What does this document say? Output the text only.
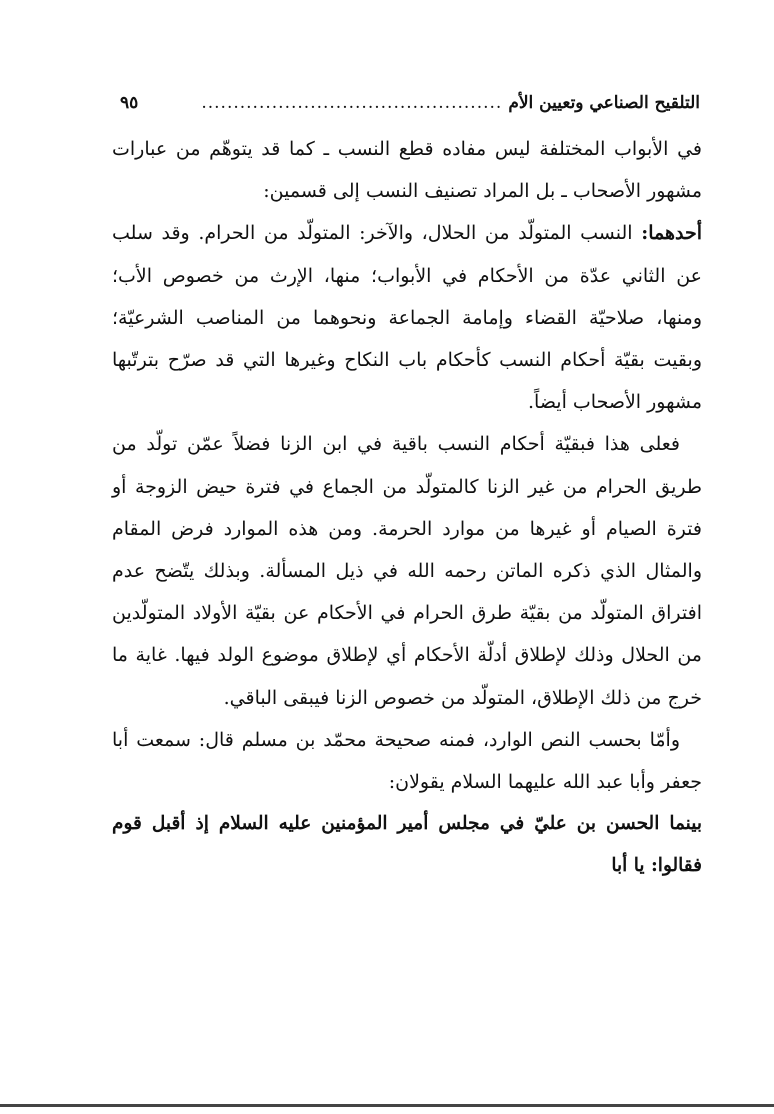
التلقيح الصناعي وتعيين الأم
...............................................
٩٥

في الأبواب المختلفة ليس مفاده قطع النسب ـ كما قد يتوهّم من عبارات مشهور الأصحاب ـ بل المراد تصنيف النسب إلى قسمين:

أحدهما: النسب المتولّد من الحلال، والآخر: المتولّد من الحرام. وقد سلب عن الثاني عدّة من الأحكام في الأبواب؛ منها، الإرث من خصوص الأب؛ ومنها، صلاحيّة القضاء وإمامة الجماعة ونحوهما من المناصب الشرعيّة؛ وبقيت بقيّة أحكام النسب كأحكام باب النكاح وغيرها التي قد صرّح بترتّبها مشهور الأصحاب أيضاً.

فعلى هذا فبقيّة أحكام النسب باقية في ابن الزنا فضلاً عمّن تولّد من طريق الحرام من غير الزنا كالمتولّد من الجماع في فترة حيض الزوجة أو فترة الصيام أو غيرها من موارد الحرمة. ومن هذه الموارد فرض المقام والمثال الذي ذكره الماتن رحمه الله في ذيل المسألة. وبذلك يتّضح عدم افتراق المتولّد من بقيّة طرق الحرام في الأحكام عن بقيّة الأولاد المتولّدين من الحلال وذلك لإطلاق أدلّة الأحكام أي لإطلاق موضوع الولد فيها. غاية ما خرج من ذلك الإطلاق، المتولّد من خصوص الزنا فيبقى الباقي.

وأمّا بحسب النص الوارد، فمنه صحيحة محمّد بن مسلم قال: سمعت أبا جعفر وأبا عبد الله عليهما السلام يقولان:

بينما الحسن بن عليّ في مجلس أمير المؤمنين عليه السلام إذ أقبل قوم فقالوا: يا أبا
